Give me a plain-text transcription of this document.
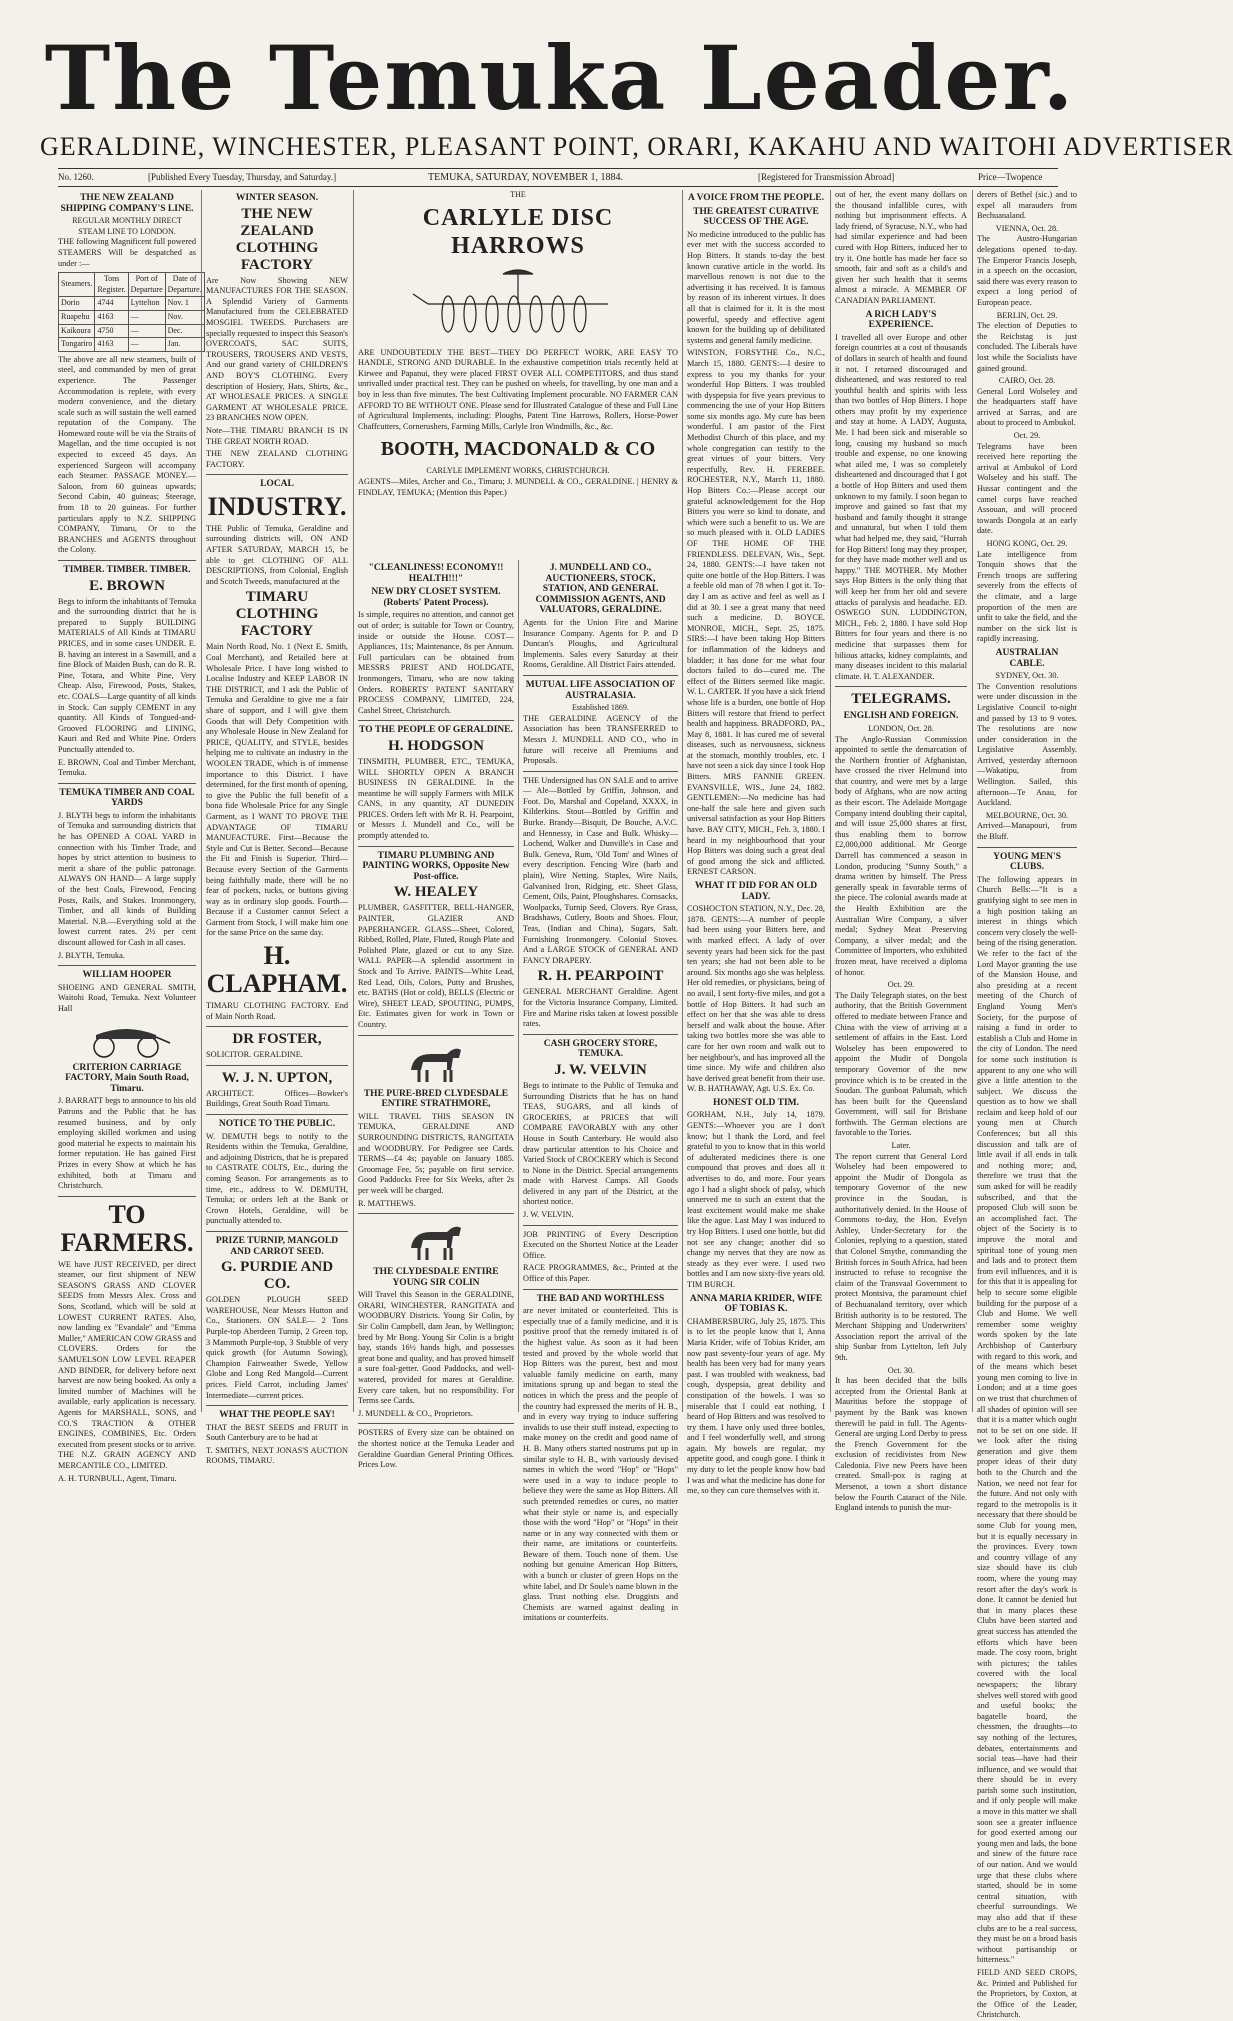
The Temuka Leader.
GERALDINE, WINCHESTER, PLEASANT POINT, ORARI, KAKAHU AND WAITOHI ADVERTISER
No. 1260.	[Published Every Tuesday, Thursday, and Saturday.]	TEMUKA, SATURDAY, NOVEMBER 1, 1884.	[Registered for Transmission Abroad]	Price—Twopence
THE NEW ZEALAND SHIPPING COMPANY'S LINE.
REGULAR MONTHLY DIRECT STEAM LINE TO LONDON.

THE following Magnificent full powered STEAMERS Will be despatched as under :—

Steamers.	Tons Register.	Port of Departure	Date of Departure.
Dorio	4744	Lyttelton	Nov. 1
Ruapehu	4163	—	Nov.
Kaikoura	4750	—	Dec.
Tongariro	4163	—	Jan.

The above are all new steamers, built of steel, and commanded by men of great experience. The Passenger Accommodation is replete, with every modern convenience, and the dietary scale such as will sustain the well earned reputation of the Company. The Homeward route will be via the Straits of Magellan, and the time occupied is not expected to exceed 45 days. An experienced Surgeon will accompany each Steamer. PASSAGE MONEY.— Saloon, from 60 guineas upwards; Second Cabin, 40 guineas; Steerage, from 18 to 20 guineas. For further particulars apply to N.Z. SHIPPING COMPANY, Timaru, Or to the BRANCHES and AGENTS throughout the Colony.

TIMBER. TIMBER. TIMBER.
E. BROWN

Begs to inform the inhabitants of Temuka and the surrounding district that he is prepared to Supply BUILDING MATERIALS of All Kinds at TIMARU PRICES, and in some cases UNDER. E. B. having an interest in a Sawmill, and a fine Block of Maiden Bush, can do R. R. Pine, Totara, and White Pine, Very Cheap. Also, Firewood, Posts, Stakes, etc. COALS—Large quantity of all kinds in Stock. Can supply CEMENT in any quantity. All Kinds of Tongued-and-Grooved FLOORING and LINING, Kauri and Red and White Pine. Orders Punctually attended to.

E. BROWN, Coal and Timber Merchant, Temuka.

TEMUKA TIMBER AND COAL YARDS

J. BLYTH begs to inform the inhabitants of Temuka and surrounding districts that he has OPENED A COAL YARD in connection with his Timber Trade, and hopes by strict attention to business to merit a share of the public patronage. ALWAYS ON HAND— A large supply of the best Coals, Firewood, Fencing Posts, Rails, and Stakes. Ironmongery, Timber, and all kinds of Building Material. N.B.—Everything sold at the lowest current rates. 2½ per cent discount allowed for Cash in all cases.

J. BLYTH, Temuka.

WILLIAM HOOPER

SHOEING AND GENERAL SMITH, Waitohi Road, Temuka. Next Volunteer Hall

CRITERION CARRIAGE FACTORY, Main South Road, Timaru.

J. BARRATT begs to announce to his old Patrons and the Public that he has resumed business, and by only employing skilled workmen and using good material he expects to maintain his former reputation. He has gained First Prizes in every Show at which he has exhibited, both at Timaru and Christchurch.

TO FARMERS.

WE have JUST RECEIVED, per direct steamer, our first shipment of NEW SEASON'S GRASS AND CLOVER SEEDS from Messrs Alex. Cross and Sons, Scotland, which will be sold at LOWEST CURRENT RATES. Also, now landing ex "Evandale" and "Emma Muller," AMERICAN COW GRASS and CLOVERS. Orders for the SAMUELSON LOW LEVEL REAPER AND BINDER, for delivery before next harvest are now being booked. As only a limited number of Machines will be available, early application is necessary. Agents for MARSHALL, SONS, and CO.'S TRACTION & OTHER ENGINES, COMBINES, Etc. Orders executed from present stocks or to arrive. THE N.Z. GRAIN AGENCY AND MERCANTILE CO., LIMITED.

A. H. TURNBULL, Agent, Timaru.

WINTER SEASON.
THE NEW ZEALAND CLOTHING FACTORY

Are Now Showing NEW MANUFACTURES FOR THE SEASON. A Splendid Variety of Garments Manufactured from the CELEBRATED MOSGIEL TWEEDS. Purchasers are specially requested to inspect this Season's OVERCOATS, SAC SUITS, TROUSERS, TROUSERS AND VESTS, And our grand variety of CHILDREN'S AND BOY'S CLOTHING. Every description of Hosiery, Hats, Shirts, &c., AT WHOLESALE PRICES. A SINGLE GARMENT AT WHOLESALE PRICE. 23 BRANCHES NOW OPEN.

Note—THE TIMARU BRANCH IS IN THE GREAT NORTH ROAD.

THE NEW ZEALAND CLOTHING FACTORY.

LOCAL
INDUSTRY.

THE Public of Temuka, Geraldine and surrounding districts will, ON AND AFTER SATURDAY, MARCH 15, be able to get CLOTHING OF ALL DESCRIPTIONS, from Colonial, English and Scotch Tweeds, manufactured at the

TIMARU CLOTHING FACTORY

Main North Road, No. 1 (Next E. Smith, Coal Merchant), and Retailed here at Wholesale Price. I have long wished to Localise Industry and KEEP LABOR IN THE DISTRICT, and I ask the Public of Temuka and Geraldine to give me a fair share of support, and I will give them Goods that will Defy Competition with any Wholesale House in New Zealand for PRICE, QUALITY, and STYLE, besides helping me to cultivate an industry in the WOOLEN TRADE, which is of immense importance to this District. I have determined, for the first month of opening, to give the Public the full benefit of a bona fide Wholesale Price for any Single Garment, as I WANT TO PROVE THE ADVANTAGE OF TIMARU MANUFACTURE. First—Because the Style and Cut is Better. Second—Because the Fit and Finish is Superior. Third—Because every Section of the Garments being faithfully made, there will be no fear of pockets, tucks, or buttons giving way as in ordinary slop goods. Fourth—Because if a Customer cannot Select a Garment from Stock, I will make him one for the same Price on the same day.

H. CLAPHAM.

TIMARU CLOTHING FACTORY. End of Main North Road.

DR FOSTER,

SOLICITOR. GERALDINE.

W. J. N. UPTON,

ARCHITECT. Offices—Bowker's Buildings, Great South Road Timaru.

NOTICE TO THE PUBLIC.

W. DEMUTH begs to notify to the Residents within the Temuka, Geraldine, and adjoining Districts, that he is prepared to CASTRATE COLTS, Etc., during the coming Season. For arrangements as to time, etc., address to W. DEMUTH, Temuka; or orders left at the Bank or Crown Hotels, Geraldine, will be punctually attended to.

PRIZE TURNIP, MANGOLD AND CARROT SEED.
G. PURDIE AND CO.

GOLDEN PLOUGH SEED WAREHOUSE, Near Messrs Hutton and Co., Stationers. ON SALE— 2 Tons Purple-top Aberdeen Turnip, 2 Green top, 3 Mammoth Purple-top, 3 Stubble of very quick growth (for Autumn Sowing), Champion Fairweather Swede, Yellow Globe and Long Red Mangold—Current prices. Field Carrot, including James' Intermediate—current prices.

WHAT THE PEOPLE SAY!

THAT the BEST SEEDS and FRUIT in South Canterbury are to be had at

T. SMITH'S, NEXT JONAS'S AUCTION ROOMS, TIMARU.

THE
CARLYLE DISC HARROWS

ARE UNDOUBTEDLY THE BEST—THEY DO PERFECT WORK, ARE EASY TO HANDLE, STRONG AND DURABLE. In the exhaustive competition trials recently held at Kirwee and Papanui, they were placed FIRST OVER ALL COMPETITORS, and thus stand unrivalled under practical test. They can be pushed on wheels, for travelling, by one man and a boy in less than five minutes. The best Cultivating Implement procurable. NO FARMER CAN AFFORD TO BE WITHOUT ONE. Please send for Illustrated Catalogue of these and Full Line of Agricultural Implements, including: Ploughs, Patent Tine Harrows, Rollers, Horse-Power Chaffcutters, Cornerushers, Farming Mills, Carlyle Iron Windmills, &c., &c.

BOOTH, MACDONALD & CO
CARLYLE IMPLEMENT WORKS, CHRISTCHURCH.

AGENTS—Miles, Archer and Co., Timaru; J. MUNDELL & CO., GERALDINE. | HENRY & FINDLAY, TEMUKA; (Mention this Paper.)

"CLEANLINESS! ECONOMY!! HEALTH!!!"
NEW DRY CLOSET SYSTEM. (Roberts' Patent Process).

Is simple, requires no attention, and cannot get out of order; is suitable for Town or Country, inside or outside the House. COST—Appliances, 11s; Maintenance, 8s per Annum. Full particulars can be obtained from MESSRS PRIEST AND HOLDGATE, Ironmongers, Timaru, who are now taking Orders. ROBERTS' PATENT SANITARY PROCESS COMPANY, LIMITED, 224, Cashel Street, Christchurch.

TO THE PEOPLE OF GERALDINE.
H. HODGSON

TINSMITH, PLUMBER, ETC., TEMUKA, WILL SHORTLY OPEN A BRANCH BUSINESS IN GERALDINE. In the meantime he will supply Farmers with MILK CANS, in any quantity, AT DUNEDIN PRICES. Orders left with Mr R. H. Pearpoint, or Messrs J. Mundell and Co., will be promptly attended to.

TIMARU PLUMBING AND PAINTING WORKS, Opposite New Post-office.
W. HEALEY

PLUMBER, GASFITTER, BELL-HANGER, PAINTER, GLAZIER AND PAPERHANGER. GLASS—Sheet, Colored, Ribbed, Rolled, Plate, Fluted, Rough Plate and Polished Plate, glazed or cut to any Size. WALL PAPER—A splendid assortment in Stock and To Arrive. PAINTS—White Lead, Red Lead, Oils, Colors, Putty and Brushes, etc. BATHS (Hot or cold), BELLS (Electric or Wire), SHEET LEAD, SPOUTING, PUMPS, Etc. Estimates given for work in Town or Country.

THE PURE-BRED CLYDESDALE ENTIRE STRATHMORE,

WILL TRAVEL THIS SEASON IN TEMUKA, GERALDINE AND SURROUNDING DISTRICTS, RANGITATA and WOODBURY. For Pedigree see Cards. TERMS—£4 4s; payable on January 1885. Groomage Fee, 5s; payable on first service. Good Paddocks Free for Six Weeks, after 2s per week will be charged.

R. MATTHEWS.

THE CLYDESDALE ENTIRE YOUNG SIR COLIN

Will Travel this Season in the GERALDINE, ORARI, WINCHESTER, RANGITATA and WOODBURY Districts. Young Sir Colin, by Sir Colin Campbell, dam Jean, by Wellington; bred by Mr Bong. Young Sir Colin is a bright bay, stands 16½ hands high, and possesses great bone and quality, and has proved himself a sure foal-getter. Good Paddocks, and well-watered, provided for mares at Geraldine. Every care taken, but no responsibility. For Terms see Cards.

J. MUNDELL & CO., Proprietors.

POSTERS of Every size can be obtained on the shortest notice at the Temuka Leader and Geraldine Guardian General Printing Offices. Prices Low.

J. MUNDELL AND CO., AUCTIONEERS, STOCK, STATION, AND GENERAL COMMISSION AGENTS, AND VALUATORS, GERALDINE.

Agents for the Union Fire and Marine Insurance Company. Agents for P. and D Duncan's Ploughs, and Agricultural Implements. Sales every Saturday at their Rooms, Geraldine. All District Fairs attended.

MUTUAL LIFE ASSOCIATION OF AUSTRALASIA.
Established 1869.

THE GERALDINE AGENCY of the Association has been TRANSFERRED to Messrs J. MUNDELL AND CO., who in future will receive all Premiums and Proposals.

THE Undersigned has ON SALE and to arrive— Ale—Bottled by Griffin, Johnson, and Foot. Do, Marshal and Copeland, XXXX, in Kilderkins. Stout—Bottled by Griffin and Burke. Brandy—Bisquit, De Bouche, A.V.C. and Hennessy, in Case and Bulk. Whisky—Lochend, Walker and Dunville's in Case and Bulk. Geneva, Rum, 'Old Tom' and Wines of every description. Fencing Wire (barb and plain), Wire Netting. Staples, Wire Nails, Galvanised Iron, Ridging, etc. Sheet Glass, Cement, Oils, Paint, Ploughshares. Cornsacks, Woolpacks, Turnip Seed, Clovers. Rye Grass, Bradshaws, Cutlery, Boots and Shoes. Flour, Teas, (Indian and China), Sugars, Salt. Furnishing Ironmongery. Colonial Stoves. And a LARGE STOCK of GENERAL AND FANCY DRAPERY.

R. H. PEARPOINT

GENERAL MERCHANT Geraldine. Agent for the Victoria Insurance Company, Limited. Fire and Marine risks taken at lowest possible rates.

CASH GROCERY STORE, TEMUKA.
J. W. VELVIN

Begs to intimate to the Public of Temuka and Surrounding Districts that he has on hand TEAS, SUGARS, and all kinds of GROCERIES, at PRICES that will COMPARE FAVORABLY with any other House in South Canterbury. He would also draw particular attention to his Choice and Varied Stock of CROCKERY which is Second to None in the District. Special arrangements made with Harvest Camps. All Goods delivered in any part of the District, at the shortest notice.

J. W. VELVIN.

JOB PRINTING of Every Description Executed on the Shortest Notice at the Leader Office.

RACE PROGRAMMES, &c., Printed at the Office of this Paper.

THE BAD AND WORTHLESS

are never imitated or counterfeited. This is especially true of a family medicine, and it is positive proof that the remedy imitated is of the highest value. As soon as it had been tested and proved by the whole world that Hop Bitters was the purest, best and most valuable family medicine on earth, many imitations sprung up and began to steal the notices in which the press and the people of the country had expressed the merits of H. B., and in every way trying to induce suffering invalids to use their stuff instead, expecting to make money on the credit and good name of H. B. Many others started nostrums put up in similar style to H. B., with variously devised names in which the word "Hop" or "Hops" were used in a way to induce people to believe they were the same as Hop Bitters. All such pretended remedies or cures, no matter what their style or name is, and especially those with the word "Hop" or "Hops" in their name or in any way connected with them or their name, are imitations or counterfeits. Beware of them. Touch none of them. Use nothing but genuine American Hop Bitters, with a bunch or cluster of green Hops on the white label, and Dr Soule's name blown in the glass. Trust nothing else. Druggists and Chemists are warned against dealing in imitations or counterfeits.

A VOICE FROM THE PEOPLE.
THE GREATEST CURATIVE SUCCESS OF THE AGE.

No medicine introduced to the public has ever met with the success accorded to Hop Bitters. It stands to-day the best known curative article in the world. Its marvellous renown is not due to the advertising it has received. It is famous by reason of its inherent virtues. It does all that is claimed for it. It is the most powerful, speedy and effective agent known for the building up of debilitated systems and general family medicine.

WINSTON, FORSYTHE Co., N.C., March 15, 1880. GENTS:—I desire to express to you my thanks for your wonderful Hop Bitters. I was troubled with dyspepsia for five years previous to commencing the use of your Hop Bitters some six months ago. My cure has been wonderful. I am pastor of the First Methodist Church of this place, and my whole congregation can testify to the great virtues of your bitters. Very respectfully, Rev. H. FEREBEE. ROCHESTER, N.Y., March 11, 1880. Hop Bitters Co.:—Please accept our grateful acknowledgement for the Hop Bitters you were so kind to donate, and which were such a benefit to us. We are so much pleased with it. OLD LADIES OF THE HOME OF THE FRIENDLESS. DELEVAN, Wis., Sept. 24, 1880. GENTS:—I have taken not quite one bottle of the Hop Bitters. I was a feeble old man of 78 when I got it. To-day I am as active and feel as well as I did at 30. I see a great many that need such a medicine. D. BOYCE. MONROE, MICH., Sept. 25, 1875. SIRS:—I have been taking Hop Bitters for inflammation of the kidneys and bladder; it has done for me what four doctors failed to do—cured me. The effect of the Bitters seemed like magic. W. L. CARTER. If you have a sick friend whose life is a burden, one bottle of Hop Bitters will restore that friend to perfect health and happiness. BRADFORD, PA., May 8, 1881. It has cured me of several diseases, such as nervousness, sickness at the stomach, monthly troubles, etc. I have not seen a sick day since I took Hop Bitters. MRS FANNIE GREEN. EVANSVILLE, WIS., June 24, 1882. GENTLEMEN:—No medicine has had one-half the sale here and given such universal satisfaction as your Hop Bitters have. BAY CITY, MICH., Feb. 3, 1880. I heard in my neighbourhood that your Hop Bitters was doing such a great deal of good among the sick and afflicted. ERNEST CARSON.

WHAT IT DID FOR AN OLD LADY.

COSHOCTON STATION, N.Y., Dec. 28, 1878. GENTS:—A number of people had been using your Bitters here, and with marked effect. A lady of over seventy years had been sick for the past ten years; she had not been able to be around. Six months ago she was helpless. Her old remedies, or physicians, being of no avail, I sent forty-five miles, and got a bottle of Hop Bitters. It had such an effect on her that she was able to dress herself and walk about the house. After taking two bottles more she was able to care for her own room and walk out to her neighbour's, and has improved all the time since. My wife and children also have derived great benefit from their use. W. B. HATHAWAY, Agt. U.S. Ex. Co.

HONEST OLD TIM.

GORHAM, N.H., July 14, 1879. GENTS:—Whoever you are I don't know; but I thank the Lord, and feel grateful to you to know that in this world of adulterated medicines there is one compound that proves and does all it advertises to do, and more. Four years ago I had a slight shock of palsy, which unnerved me to such an extent that the least excitement would make me shake like the ague. Last May I was induced to try Hop Bitters. I used one bottle, but did not see any change; another did so change my nerves that they are now as steady as they ever were. I used two bottles and I am now sixty-five years old. TIM BURCH.

ANNA MARIA KRIDER, WIFE OF TOBIAS K.

CHAMBERSBURG, July 25, 1875. This is to let the people know that I, Anna Maria Krider, wife of Tobias Krider, am now past seventy-four years of age. My health has been very bad for many years past. I was troubled with weakness, bad cough, dyspepsia, great debility and constipation of the bowels. I was so miserable that I could eat nothing. I heard of Hop Bitters and was resolved to try them. I have only used three bottles, and I feel wonderfully well, and strong again. My bowels are regular, my appetite good, and cough gone. I think it my duty to let the people know how bad I was and what the medicine has done for me, so they can cure themselves with it.

out of her, the event many dollars on the thousand infallible cures, with nothing but imprisonment effects. A lady friend, of Syracuse, N.Y., who had had similar experience and had been cured with Hop Bitters, induced her to try it. One bottle has made her face so smooth, fair and soft as a child's and given her such health that it seems almost a miracle. A MEMBER OF CANADIAN PARLIAMENT.

A RICH LADY'S EXPERIENCE.

I travelled all over Europe and other foreign countries at a cost of thousands of dollars in search of health and found it not. I returned discouraged and disheartened, and was restored to real youthful health and spirits with less than two bottles of Hop Bitters. I hope others may profit by my experience and stay at home. A LADY, Augusta, Me. I had been sick and miserable so long, causing my husband so much trouble and expense, no one knowing what ailed me, I was so completely disheartened and discouraged that I got a bottle of Hop Bitters and used them unknown to my family. I soon began to improve and gained so fast that my husband and family thought it strange and unnatural, but when I told them what had helped me, they said, "Hurrah for Hop Bitters! long may they prosper, for they have made mother well and us happy." THE MOTHER. My Mother says Hop Bitters is the only thing that will keep her from her old and severe attacks of paralysis and headache. ED. OSWEGO SUN. LUDDINGTON, MICH., Feb. 2, 1880. I have sold Hop Bitters for four years and there is no medicine that surpasses them for bilious attacks, kidney complaints, and many diseases incident to this malarial climate. H. T. ALEXANDER.

TELEGRAMS.
ENGLISH AND FOREIGN.
LONDON, Oct. 28.

The Anglo-Russian Commission appointed to settle the demarcation of the Northern frontier of Afghanistan, have crossed the river Helmund into that country, and were met by a large body of Afghans, who are now acting as their escort. The Adelaide Mortgage Company intend doubling their capital, and will issue 25,000 shares at first, thus enabling them to borrow £2,000,000 additional. Mr George Darrell has commenced a season in London, producing "Sunny South," a drama written by himself. The Press generally speak in favorable terms of the piece. The colonial awards made at the Health Exhibition are the Australian Wire Company, a silver medal; Sydney Meat Preserving Company, a silver medal; and the Committee of Importers, who exhibited frozen meat, have received a diploma of honor.

Oct. 29.

The Daily Telegraph states, on the best authority, that the British Government offered to mediate between France and China with the view of arriving at a settlement of affairs in the East. Lord Wolseley has been empowered to appoint the Mudir of Dongola temporary Governor of the new province which is to be created in the Soudan. The gunboat Palumah, which has been built for the Queensland Government, will sail for Brisbane forthwith. The German elections are favorable to the Tories.

Later.

The report current that General Lord Wolseley had been empowered to appoint the Mudir of Dongola as temporary Governor of the new province in the Soudan, is authoritatively denied. In the House of Commons to-day, the Hon. Evelyn Ashley, Under-Secretary for the Colonies, replying to a question, stated that Colonel Smythe, commanding the British forces in South Africa, had been instructed to refuse to recognise the claim of the Transvaal Government to protect Montsiva, the paramount chief of Bechuanaland territory, over which British authority is to be restored. The Merchant Shipping and Underwriters' Association report the arrival of the ship Sunbar from Lyttelton, left July 9th.

Oct. 30.

It has been decided that the bills accepted from the Oriental Bank at Mauritius before the stoppage of payment by the Bank was known therewill be paid in full. The Agents-General are urging Lord Derby to press the French Government for the exclusion of recidivistes from New Caledonia. Five new Peers have been created. Small-pox is raging at Mersenot, a town a short distance below the Fourth Cataract of the Nile. England intends to punish the mur-

derers of Bethel (sic.) and to expel all marauders from Bechuanaland.

VIENNA, Oct. 28.

The Austro-Hungarian delegations opened to-day. The Emperor Francis Joseph, in a speech on the occasion, said there was every reason to expect a long period of European peace.

BERLIN, Oct. 29.

The election of Deputies to the Reichstag is just concluded. The Liberals have lost while the Socialists have gained ground.

CAIRO, Oct. 28.

General Lord Wolseley and the headquarters staff have arrived at Sarras, and are about to proceed to Ambukol.

Oct. 29.

Telegrams have been received here reporting the arrival at Ambukol of Lord Wolseley and his staff. The Hussar contingent and the camel corps have reached Assouan, and will proceed towards Dongola at an early date.

HONG KONG, Oct. 29.

Late intelligence from Tonquin shows that the French troops are suffering severely from the effects of the climate, and a large proportion of the men are unfit to take the field, and the number on the sick list is rapidly increasing.

AUSTRALIAN CABLE.
SYDNEY, Oct. 30.

The Convention resolutions were under discussion in the Legislative Council to-night and passed by 13 to 9 votes. The resolutions are now under consideration in the Legislative Assembly. Arrived, yesterday afternoon—Wakatipu, from Wellington. Sailed, this afternoon—Te Anau, for Auckland.

MELBOURNE, Oct. 30.

Arrived—Manapouri, from the Bluff.

YOUNG MEN'S CLUBS.

The following appears in Church Bells:—"It is a gratifying sight to see men in a high position taking an interest in things which concern very closely the well-being of the rising generation. We refer to the fact of the Lord Mayor granting the use of the Mansion House, and also presiding at a recent meeting of the Church of England Young Men's Society, for the purpose of raising a fund in order to establish a Club and Home in the city of London. The need for some such institution is apparent to any one who will give a little attention to the subject. We discuss the question as to how we shall reclaim and keep hold of our young men at Church Conferences; but all this discussion and talk are of little avail if all ends in talk and nothing more; and, therefore we trust that the sum asked for will be readily subscribed, and that the proposed Club will soon be an accomplished fact. The object of the Society is to improve the moral and spiritual tone of young men and lads and to protect them from evil influences, and it is for this that it is appealing for help to secure some eligible building for the purpose of a Club and Home. We well remember some weighty words spoken by the late Archbishop of Canterbury with regard to this work, and of the means which beset young men coming to live in London; and at a time goes on we trust that churchmen of all shades of opinion will see that it is a matter which ought not to be set on one side. If we look after the rising generation and give them proper ideas of their duty both to the Church and the Nation, we need not fear for the future. And not only with regard to the metropolis is it necessary that there should be some Club for young men, but it is equally necessary in the provinces. Every town and country village of any size should have its club room, where the young may resort after the day's work is done. It cannot be denied but that in many places these Clubs have been started and great success has attended the efforts which have been made. The cosy room, bright with pictures; the tables covered with the local newspapers; the library shelves well stored with good and useful books; the bagatelle board, the chessmen, the draughts—to say nothing of the lectures, debates, entertainments and social teas—have had their influence, and we would that there should be in every parish some such institution, and if only people will make a move in this matter we shall soon see a greater influence for good exerted among our young men and lads, the bone and sinew of the future race of our nation. And we would urge that these clubs where started, should be in some central situation, with cheerful surroundings. We may also add that if these clubs are to be a real success, they must be on a broad basis without partisanship or bitterness."

FIELD AND SEED CROPS, &c. Printed and Published for the Proprietors, by Coxton, at the Office of the Leader, Christchurch.
